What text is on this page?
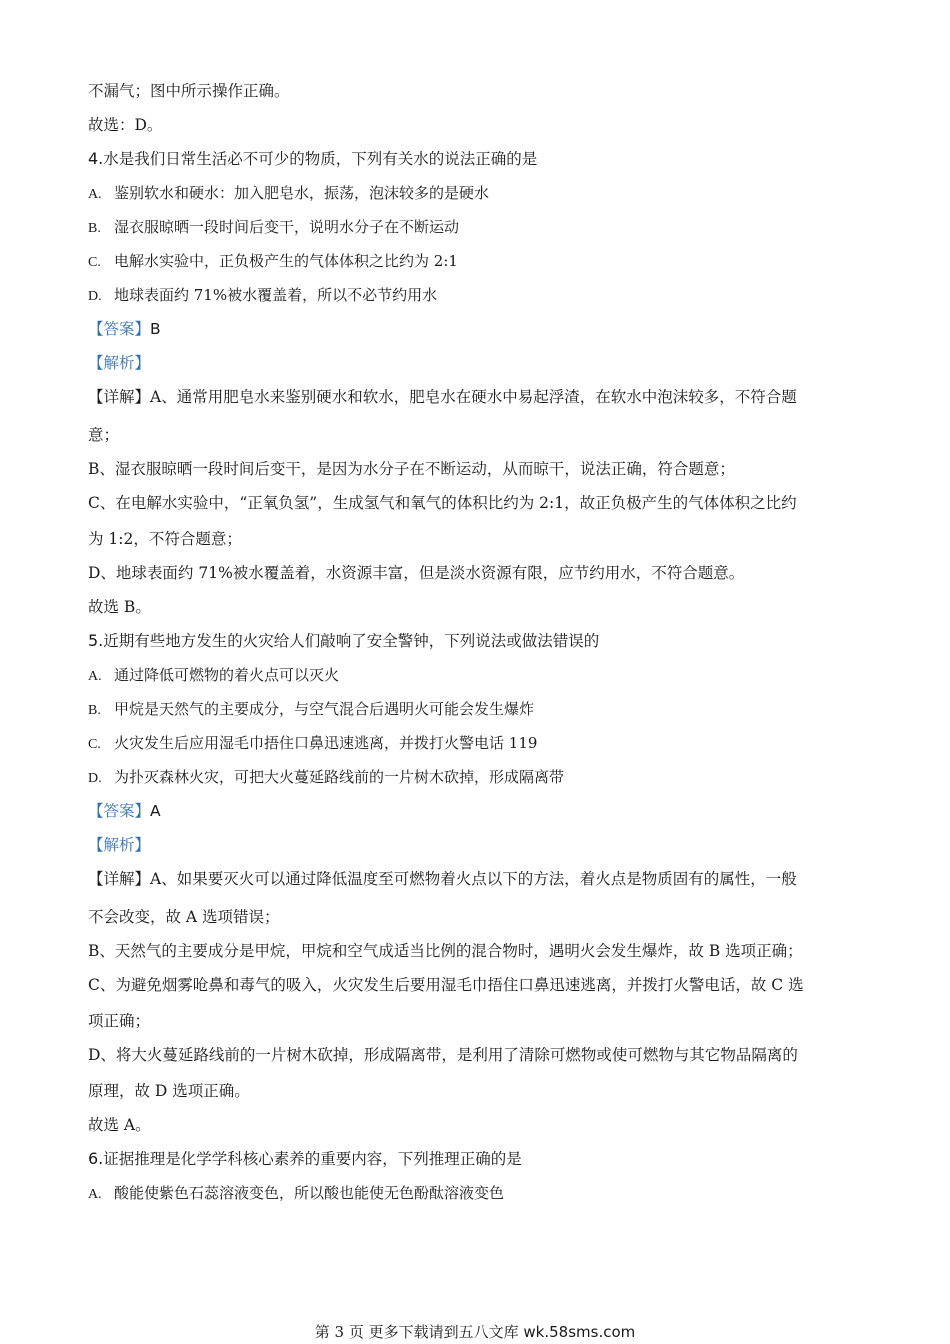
不漏气；图中所示操作正确。
故选：D。
4.水是我们日常生活必不可少的物质，下列有关水的说法正确的是
A. 鉴别软水和硬水：加入肥皂水，振荡，泡沫较多的是硬水
B. 湿衣服晾晒一段时间后变干，说明水分子在不断运动
C. 电解水实验中，正负极产生的气体体积之比约为 2:1
D. 地球表面约 71%被水覆盖着，所以不必节约用水
【答案】B
【解析】
【详解】A、通常用肥皂水来鉴别硬水和软水，肥皂水在硬水中易起浮渣，在软水中泡沫较多，不符合题
意；
B、湿衣服晾晒一段时间后变干，是因为水分子在不断运动，从而晾干，说法正确，符合题意；
C、在电解水实验中，“正氧负氢”，生成氢气和氧气的体积比约为 2:1，故正负极产生的气体体积之比约
为 1:2，不符合题意；
D、地球表面约 71%被水覆盖着，水资源丰富，但是淡水资源有限，应节约用水，不符合题意。
故选 B。
5.近期有些地方发生的火灾给人们敲响了安全警钟，下列说法或做法错误的
A. 通过降低可燃物的着火点可以灭火
B. 甲烷是天然气的主要成分，与空气混合后遇明火可能会发生爆炸
C. 火灾发生后应用湿毛巾捂住口鼻迅速逃离，并拨打火警电话 119
D. 为扑灭森林火灾，可把大火蔓延路线前的一片树木砍掉，形成隔离带
【答案】A
【解析】
【详解】A、如果要灭火可以通过降低温度至可燃物着火点以下的方法，着火点是物质固有的属性，一般
不会改变，故 A 选项错误；
B、天然气的主要成分是甲烷，甲烷和空气成适当比例的混合物时，遇明火会发生爆炸，故 B 选项正确；
C、为避免烟雾呛鼻和毒气的吸入，火灾发生后要用湿毛巾捂住口鼻迅速逃离，并拨打火警电话，故 C 选
项正确；
D、将大火蔓延路线前的一片树木砍掉，形成隔离带，是利用了清除可燃物或使可燃物与其它物品隔离的
原理，故 D 选项正确。
故选 A。
6.证据推理是化学学科核心素养的重要内容，下列推理正确的是
A. 酸能使紫色石蕊溶液变色，所以酸也能使无色酚酞溶液变色
第 3 页 更多下载请到五八文库 wk.58sms.com
